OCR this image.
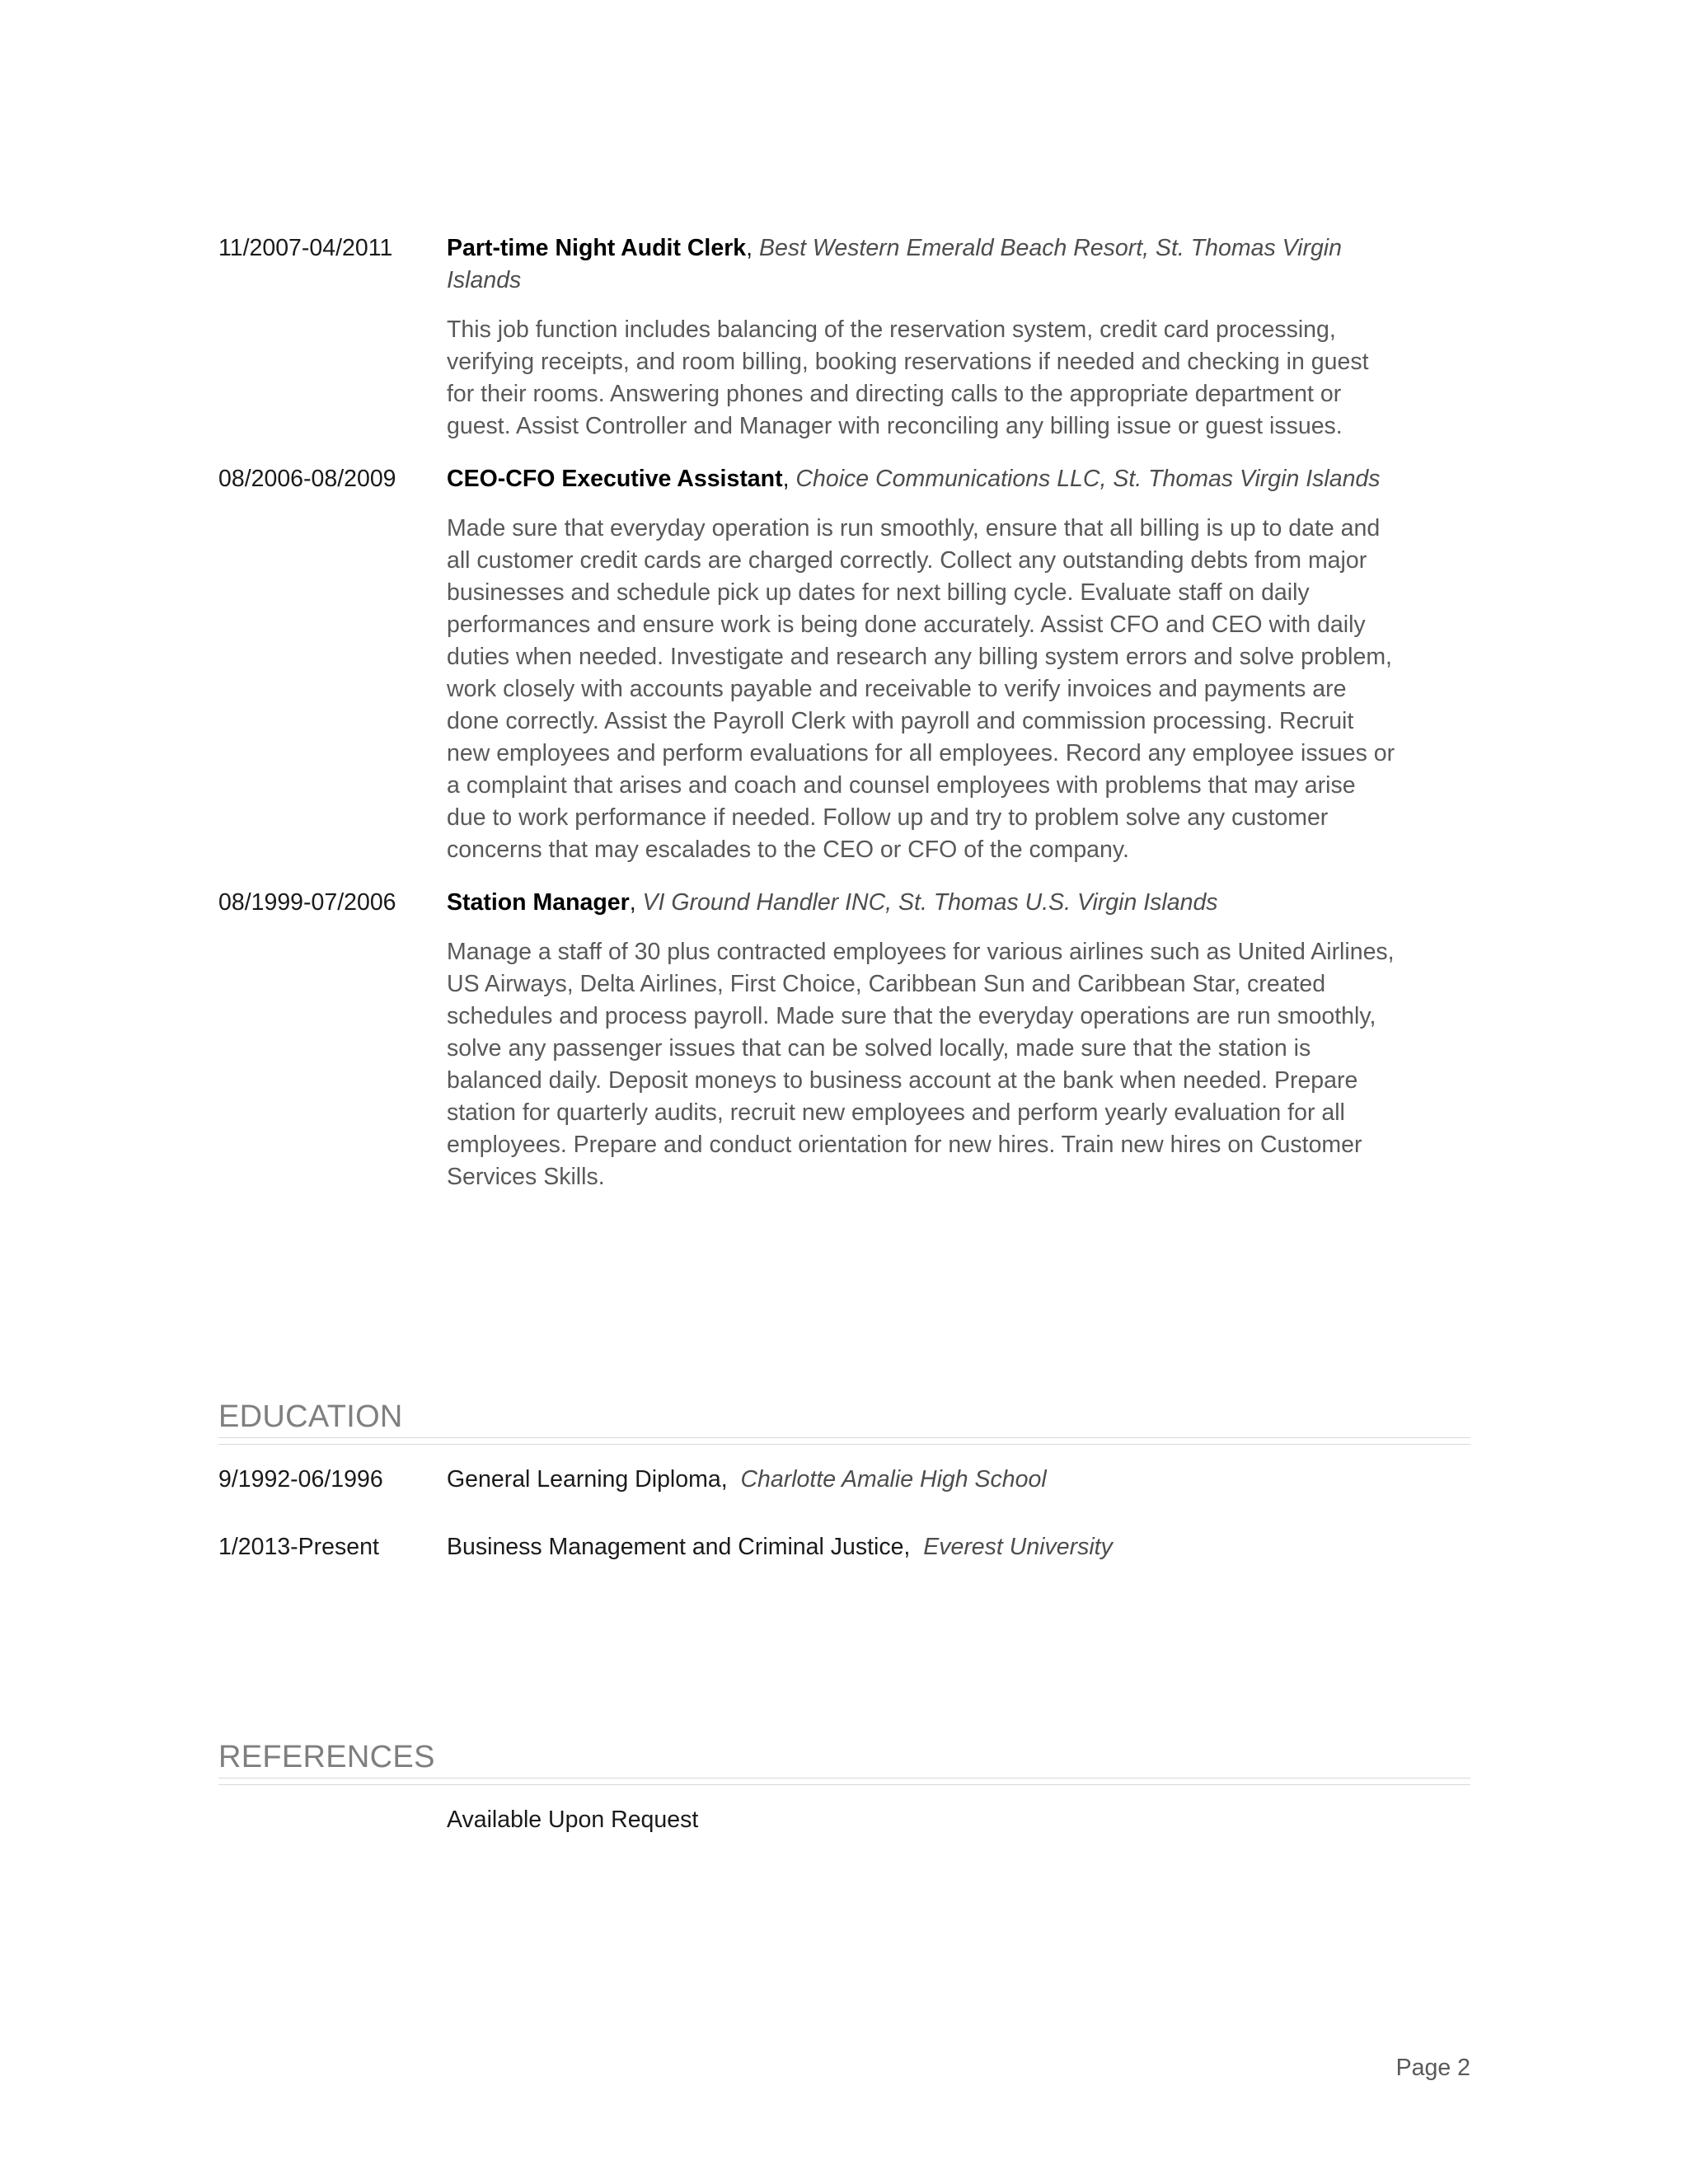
11/2007-04/2011	Part-time Night Audit Clerk, Best Western Emerald Beach Resort, St. Thomas Virgin Islands
This job function includes balancing of the reservation system, credit card processing, verifying receipts, and room billing, booking reservations if needed and checking in guest for their rooms. Answering phones and directing calls to the appropriate department or guest. Assist Controller and Manager with reconciling any billing issue or guest issues.
08/2006-08/2009	CEO-CFO Executive Assistant, Choice Communications LLC, St. Thomas Virgin Islands
Made sure that everyday operation is run smoothly, ensure that all billing is up to date and all customer credit cards are charged correctly. Collect any outstanding debts from major businesses and schedule pick up dates for next billing cycle. Evaluate staff on daily performances and ensure work is being done accurately. Assist CFO and CEO with daily duties when needed. Investigate and research any billing system errors and solve problem, work closely with accounts payable and receivable to verify invoices and payments are done correctly. Assist the Payroll Clerk with payroll and commission processing. Recruit new employees and perform evaluations for all employees. Record any employee issues or a complaint that arises and coach and counsel employees with problems that may arise due to work performance if needed. Follow up and try to problem solve any customer concerns that may escalades to the CEO or CFO of the company.
08/1999-07/2006	Station Manager, VI Ground Handler INC, St. Thomas U.S. Virgin Islands
Manage a staff of 30 plus contracted employees for various airlines such as United Airlines, US Airways, Delta Airlines, First Choice, Caribbean Sun and Caribbean Star, created schedules and process payroll. Made sure that the everyday operations are run smoothly, solve any passenger issues that can be solved locally, made sure that the station is balanced daily. Deposit moneys to business account at the bank when needed. Prepare station for quarterly audits, recruit new employees and perform yearly evaluation for all employees. Prepare and conduct orientation for new hires. Train new hires on Customer Services Skills.
EDUCATION
9/1992-06/1996	General Learning Diploma, Charlotte Amalie High School
1/2013-Present	Business Management and Criminal Justice, Everest University
REFERENCES
Available Upon Request
Page 2
